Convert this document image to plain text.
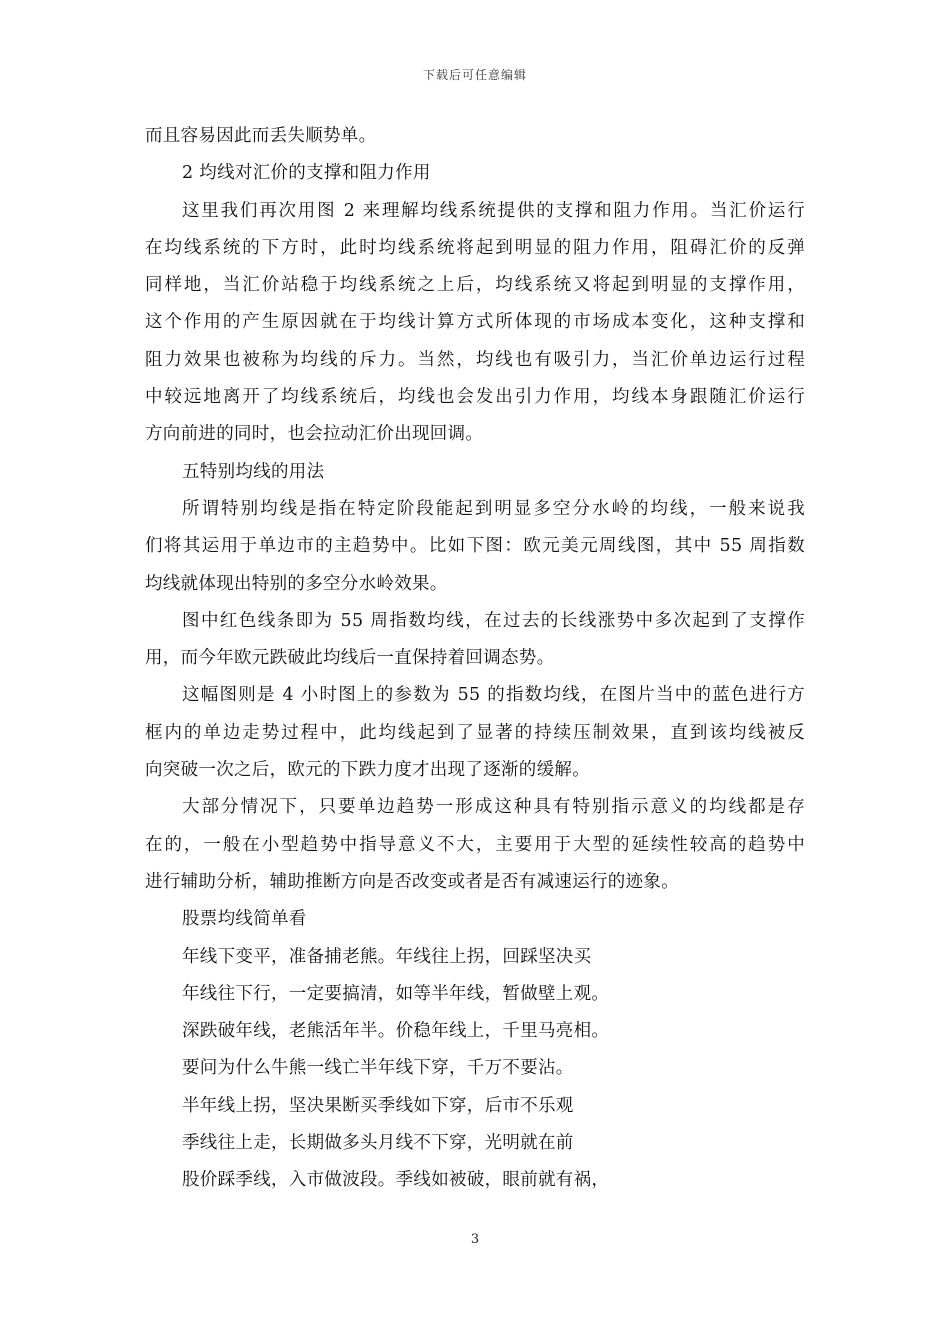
下载后可任意编辑
而且容易因此而丢失顺势单。
2 均线对汇价的支撑和阻力作用
这里我们再次用图 2 来理解均线系统提供的支撑和阻力作用。当汇价运行
在均线系统的下方时，此时均线系统将起到明显的阻力作用，阻碍汇价的反弹
同样地，当汇价站稳于均线系统之上后，均线系统又将起到明显的支撑作用，
这个作用的产生原因就在于均线计算方式所体现的市场成本变化，这种支撑和
阻力效果也被称为均线的斥力。当然，均线也有吸引力，当汇价单边运行过程
中较远地离开了均线系统后，均线也会发出引力作用，均线本身跟随汇价运行
方向前进的同时，也会拉动汇价出现回调。
五特别均线的用法
所谓特别均线是指在特定阶段能起到明显多空分水岭的均线，一般来说我
们将其运用于单边市的主趋势中。比如下图：欧元美元周线图，其中 55 周指数
均线就体现出特别的多空分水岭效果。
图中红色线条即为 55 周指数均线，在过去的长线涨势中多次起到了支撑作
用，而今年欧元跌破此均线后一直保持着回调态势。
这幅图则是 4 小时图上的参数为 55 的指数均线，在图片当中的蓝色进行方
框内的单边走势过程中，此均线起到了显著的持续压制效果，直到该均线被反
向突破一次之后，欧元的下跌力度才出现了逐渐的缓解。
大部分情况下，只要单边趋势一形成这种具有特别指示意义的均线都是存
在的，一般在小型趋势中指导意义不大，主要用于大型的延续性较高的趋势中
进行辅助分析，辅助推断方向是否改变或者是否有减速运行的迹象。
股票均线简单看
年线下变平，准备捕老熊。年线往上拐，回踩坚决买
年线往下行，一定要搞清，如等半年线，暂做壁上观。
深跌破年线，老熊活年半。价稳年线上，千里马亮相。
要问为什么牛熊一线亡半年线下穿，千万不要沾。
半年线上拐，坚决果断买季线如下穿，后市不乐观
季线往上走，长期做多头月线不下穿，光明就在前
股价踩季线，入市做波段。季线如被破，眼前就有祸，
3
